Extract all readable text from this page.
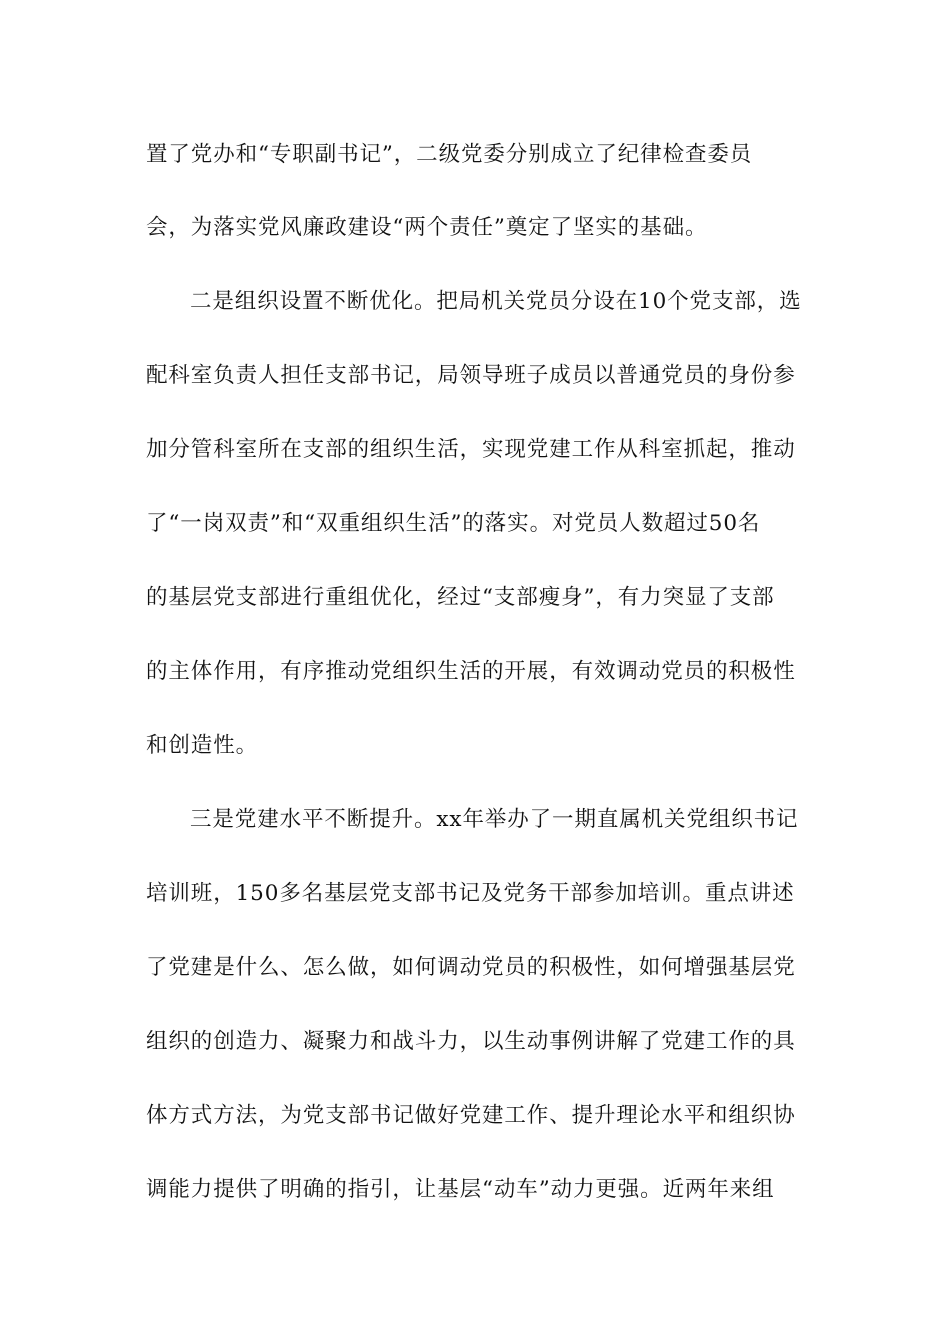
置了党办和“专职副书记”，二级党委分别成立了纪律检查委员
会，为落实党风廉政建设“两个责任”奠定了坚实的基础。
二是组织设置不断优化。把局机关党员分设在10个党支部，选
配科室负责人担任支部书记，局领导班子成员以普通党员的身份参
加分管科室所在支部的组织生活，实现党建工作从科室抓起，推动
了“一岗双责”和“双重组织生活”的落实。对党员人数超过50名
的基层党支部进行重组优化，经过“支部瘦身”，有力突显了支部
的主体作用，有序推动党组织生活的开展，有效调动党员的积极性
和创造性。
三是党建水平不断提升。xx年举办了一期直属机关党组织书记
培训班，150多名基层党支部书记及党务干部参加培训。重点讲述
了党建是什么、怎么做，如何调动党员的积极性，如何增强基层党
组织的创造力、凝聚力和战斗力，以生动事例讲解了党建工作的具
体方式方法，为党支部书记做好党建工作、提升理论水平和组织协
调能力提供了明确的指引，让基层“动车”动力更强。近两年来组
